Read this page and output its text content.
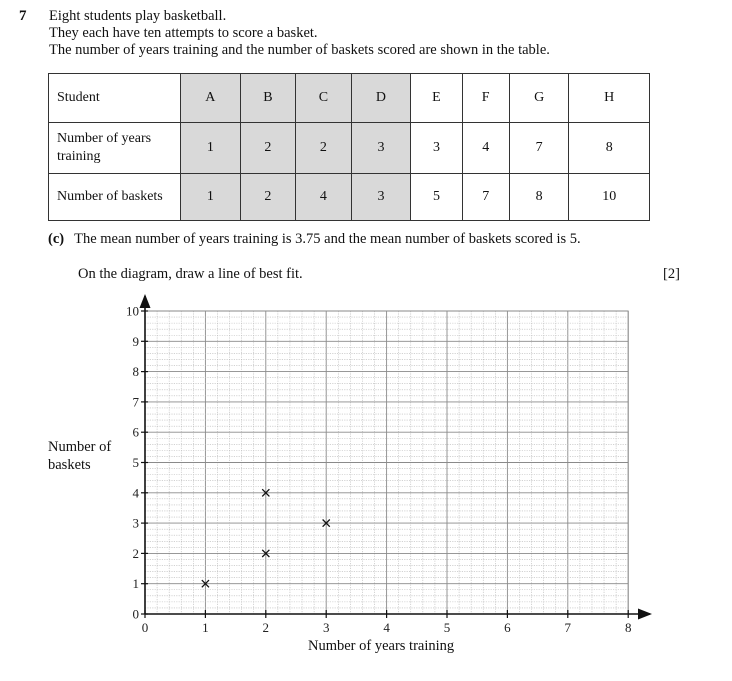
7 Eight students play basketball.
They each have ten attempts to score a basket.
The number of years training and the number of baskets scored are shown in the table.
Student	A	B	C	D	E	F	G	H
Number of years training	1	2	2	3	3	4	7	8
Number of baskets	1	2	4	3	5	7	8	10
(c) The mean number of years training is 3.75 and the mean number of baskets scored is 5.
On the diagram, draw a line of best fit.	[2]
Number of baskets
Number of years training
0	1	2	3	4	5	6	7	8
0
1
2
3
4
5
6
7
8
9
10
